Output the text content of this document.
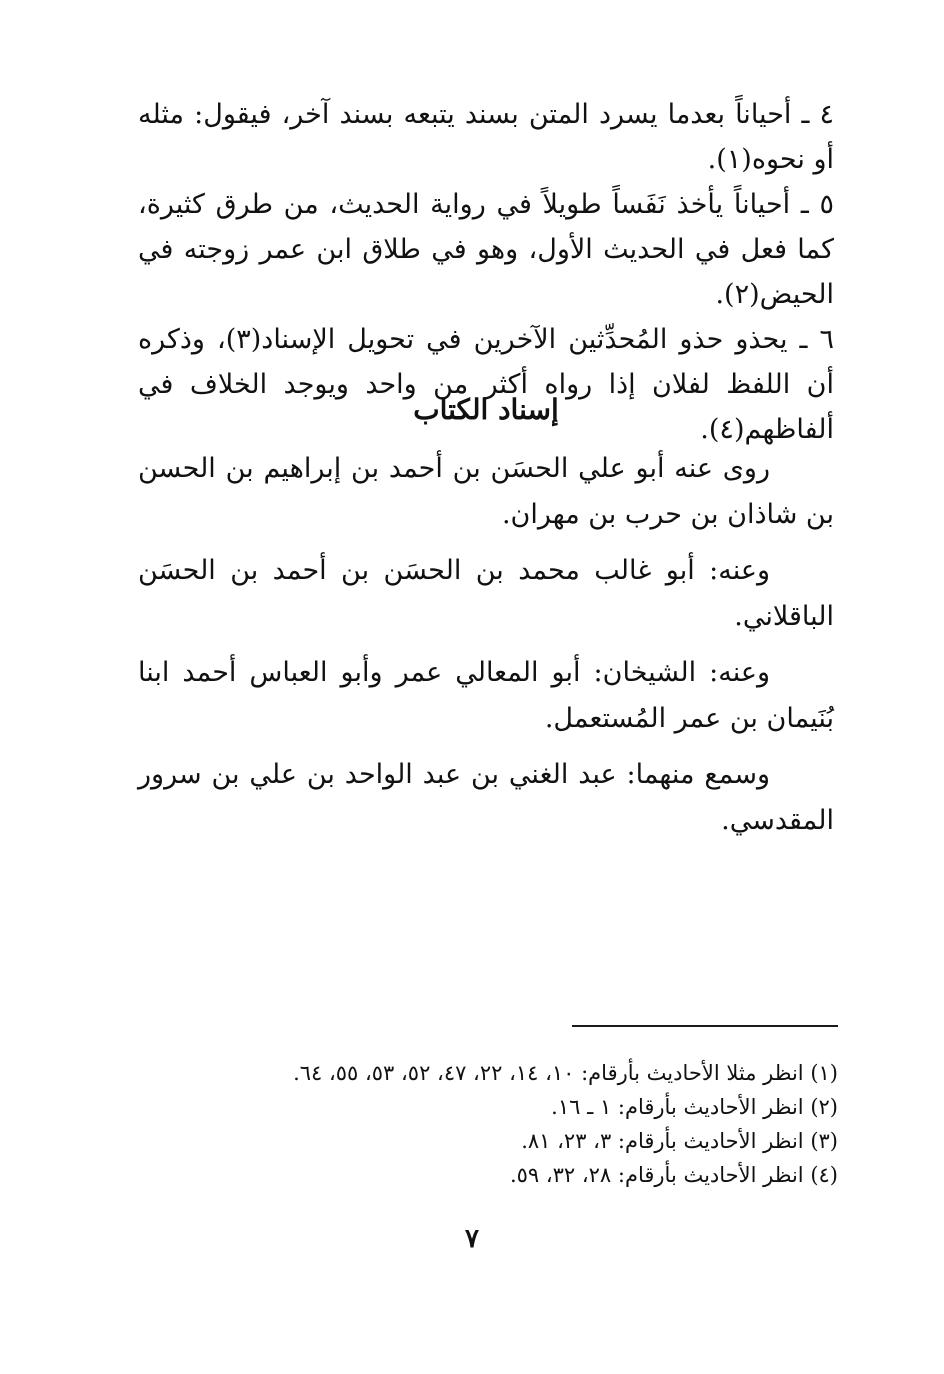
٤ ـ أحياناً بعدما يسرد المتن بسند يتبعه بسند آخر، فيقول: مثله أو نحوه(١).
٥ ـ أحياناً يأخذ نَفَساً طويلاً في رواية الحديث، من طرق كثيرة، كما فعل في الحديث الأول، وهو في طلاق ابن عمر زوجته في الحيض(٢).
٦ ـ يحذو حذو المُحدِّثين الآخرين في تحويل الإسناد(٣)، وذكره أن اللفظ لفلان إذا رواه أكثر من واحد ويوجد الخلاف في ألفاظهم(٤).
إسناد الكتاب

روى عنه أبو علي الحسَن بن أحمد بن إبراهيم بن الحسن بن شاذان بن حرب بن مهران.

وعنه: أبو غالب محمد بن الحسَن بن أحمد بن الحسَن الباقلاني.

وعنه: الشيخان: أبو المعالي عمر وأبو العباس أحمد ابنا بُنَيمان بن عمر المُستعمل.

وسمع منهما: عبد الغني بن عبد الواحد بن علي بن سرور المقدسي.

(١) انظر مثلا الأحاديث بأرقام: ١٠، ١٤، ٢٢، ٤٧، ٥٢، ٥٣، ٥٥، ٦٤.
(٢) انظر الأحاديث بأرقام: ١ ـ ١٦.
(٣) انظر الأحاديث بأرقام: ٣، ٢٣، ٨١.
(٤) انظر الأحاديث بأرقام: ٢٨، ٣٢، ٥٩.
٧
